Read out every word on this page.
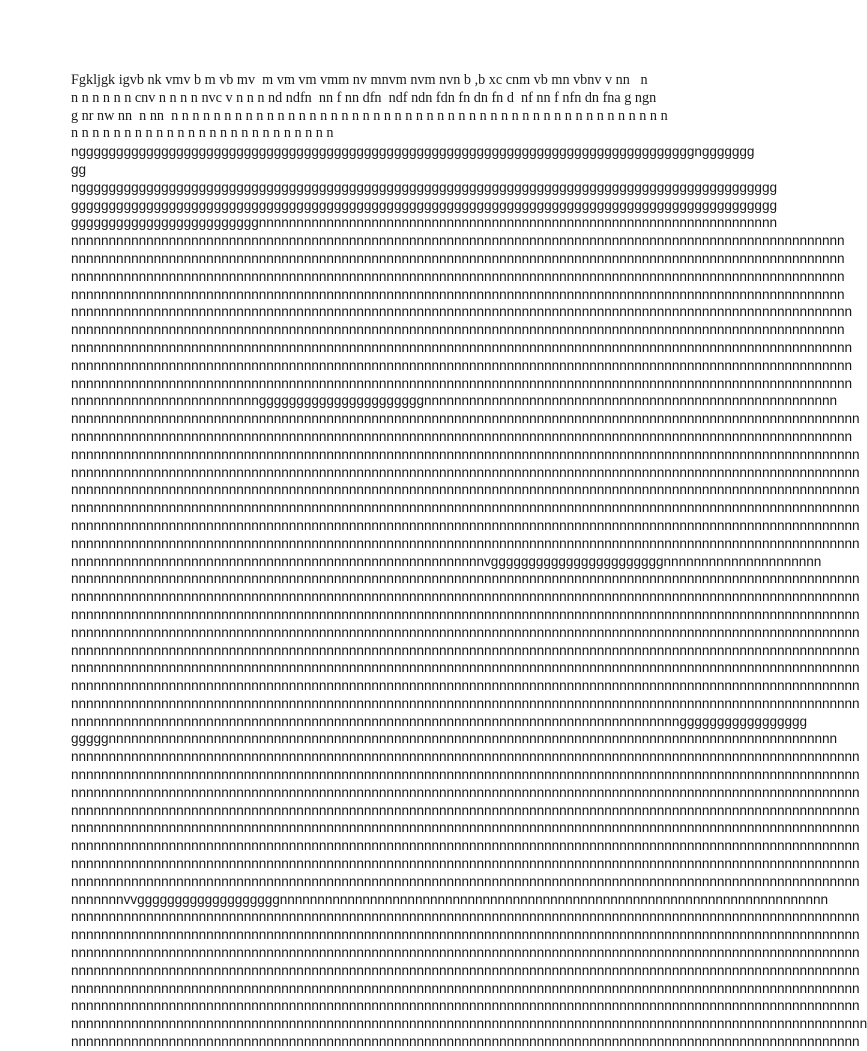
Fgkljgk igvb nk vmv b m vb mv  m vm vm vmm nv mnvm nvm nvn b ,b xc cnm vb mn vbnv v nn   n
n n n n n n cnv n n n n nvc v n n n nd ndfn  nn f nn dfn  ndf ndn fdn fn dn fn d  nf nn f nfn dn fna g ngn
g nr nw nn  n nn  n n n n n n n n n n n n n n n n n n n n n n n n n n n n n n n n n n n n n n n n n n n n n n n
n n n n n n n n n n n n n n n n n n n n n n n n n
nggggggggggggggggggggggggggggggggggggggggggggggggggggggggggggggggggggggggggggggggggnggggggg
gg
nggggggggggggggggggggggggggggggggggggggggggggggggggggggggggggggggggggggggggggggggggggggggggggg
gggggggggggggggggggggggggggggggggggggggggggggggggggggggggggggggggggggggggggggggggggggggggggggg
gggggggggggggggggggggggggnnnnnnnnnnnnnnnnnnnnnnnnnnnnnnnnnnnnnnnnnnnnnnnnnnnnnnnnnnnnnnnnnnnnn
nnnnnnnnnnnnnnnnnnnnnnnnnnnnnnnnnnnnnnnnnnnnnnnnnnnnnnnnnnnnnnnnnnnnnnnnnnnnnnnnnnnnnnnnnnnnnnnnnnnnnnn
nnnnnnnnnnnnnnnnnnnnnnnnnnnnnnnnnnnnnnnnnnnnnnnnnnnnnnnnnnnnnnnnnnnnnnnnnnnnnnnnnnnnnnnnnnnnnnnnnnnnnnn
nnnnnnnnnnnnnnnnnnnnnnnnnnnnnnnnnnnnnnnnnnnnnnnnnnnnnnnnnnnnnnnnnnnnnnnnnnnnnnnnnnnnnnnnnnnnnnnnnnnnnnn
nnnnnnnnnnnnnnnnnnnnnnnnnnnnnnnnnnnnnnnnnnnnnnnnnnnnnnnnnnnnnnnnnnnnnnnnnnnnnnnnnnnnnnnnnnnnnnnnnnnnnnn
nnnnnnnnnnnnnnnnnnnnnnnnnnnnnnnnnnnnnnnnnnnnnnnnnnnnnnnnnnnnnnnnnnnnnnnnnnnnnnnnnnnnnnnnnnnnnnnnnnnnnnnn
nnnnnnnnnnnnnnnnnnnnnnnnnnnnnnnnnnnnnnnnnnnnnnnnnnnnnnnnnnnnnnnnnnnnnnnnnnnnnnnnnnnnnnnnnnnnnnnnnnnnnnn
nnnnnnnnnnnnnnnnnnnnnnnnnnnnnnnnnnnnnnnnnnnnnnnnnnnnnnnnnnnnnnnnnnnnnnnnnnnnnnnnnnnnnnnnnnnnnnnnnnnnnnnn
nnnnnnnnnnnnnnnnnnnnnnnnnnnnnnnnnnnnnnnnnnnnnnnnnnnnnnnnnnnnnnnnnnnnnnnnnnnnnnnnnnnnnnnnnnnnnnnnnnnnnnnn
nnnnnnnnnnnnnnnnnnnnnnnnnnnnnnnnnnnnnnnnnnnnnnnnnnnnnnnnnnnnnnnnnnnnnnnnnnnnnnnnnnnnnnnnnnnnnnnnnnnnnnnn
nnnnnnnnnnnnnnnnnnnnnnnnnggggggggggggggggggggggnnnnnnnnnnnnnnnnnnnnnnnnnnnnnnnnnnnnnnnnnnnnnnnnnnnnnnn
nnnnnnnnnnnnnnnnnnnnnnnnnnnnnnnnnnnnnnnnnnnnnnnnnnnnnnnnnnnnnnnnnnnnnnnnnnnnnnnnnnnnnnnnnnnnnnnnnnnnnnnnn
nnnnnnnnnnnnnnnnnnnnnnnnnnnnnnnnnnnnnnnnnnnnnnnnnnnnnnnnnnnnnnnnnnnnnnnnnnnnnnnnnnnnnnnnnnnnnnnnnnnnnnnn
nnnnnnnnnnnnnnnnnnnnnnnnnnnnnnnnnnnnnnnnnnnnnnnnnnnnnnnnnnnnnnnnnnnnnnnnnnnnnnnnnnnnnnnnnnnnnnnnnnnnnnnnn
nnnnnnnnnnnnnnnnnnnnnnnnnnnnnnnnnnnnnnnnnnnnnnnnnnnnnnnnnnnnnnnnnnnnnnnnnnnnnnnnnnnnnnnnnnnnnnnnnnnnnnnnn
nnnnnnnnnnnnnnnnnnnnnnnnnnnnnnnnnnnnnnnnnnnnnnnnnnnnnnnnnnnnnnnnnnnnnnnnnnnnnnnnnnnnnnnnnnnnnnnnnnnnnnnnn
nnnnnnnnnnnnnnnnnnnnnnnnnnnnnnnnnnnnnnnnnnnnnnnnnnnnnnnnnnnnnnnnnnnnnnnnnnnnnnnnnnnnnnnnnnnnnnnnnnnnnnnnn
nnnnnnnnnnnnnnnnnnnnnnnnnnnnnnnnnnnnnnnnnnnnnnnnnnnnnnnnnnnnnnnnnnnnnnnnnnnnnnnnnnnnnnnnnnnnnnnnnnnnnnnnn
nnnnnnnnnnnnnnnnnnnnnnnnnnnnnnnnnnnnnnnnnnnnnnnnnnnnnnnnnnnnnnnnnnnnnnnnnnnnnnnnnnnnnnnnnnnnnnnnnnnnnnnnn
nnnnnnnnnnnnnnnnnnnnnnnnnnnnnnnnnnnnnnnnnnnnnnnnnnnnnnnvgggggggggggggggggggggggnnnnnnnnnnnnnnnnnnnnn
nnnnnnnnnnnnnnnnnnnnnnnnnnnnnnnnnnnnnnnnnnnnnnnnnnnnnnnnnnnnnnnnnnnnnnnnnnnnnnnnnnnnnnnnnnnnnnnnnnnnnnnnn
nnnnnnnnnnnnnnnnnnnnnnnnnnnnnnnnnnnnnnnnnnnnnnnnnnnnnnnnnnnnnnnnnnnnnnnnnnnnnnnnnnnnnnnnnnnnnnnnnnnnnnnnn
nnnnnnnnnnnnnnnnnnnnnnnnnnnnnnnnnnnnnnnnnnnnnnnnnnnnnnnnnnnnnnnnnnnnnnnnnnnnnnnnnnnnnnnnnnnnnnnnnnnnnnnnn
nnnnnnnnnnnnnnnnnnnnnnnnnnnnnnnnnnnnnnnnnnnnnnnnnnnnnnnnnnnnnnnnnnnnnnnnnnnnnnnnnnnnnnnnnnnnnnnnnnnnnnnnn
nnnnnnnnnnnnnnnnnnnnnnnnnnnnnnnnnnnnnnnnnnnnnnnnnnnnnnnnnnnnnnnnnnnnnnnnnnnnnnnnnnnnnnnnnnnnnnnnnnnnnnnnn
nnnnnnnnnnnnnnnnnnnnnnnnnnnnnnnnnnnnnnnnnnnnnnnnnnnnnnnnnnnnnnnnnnnnnnnnnnnnnnnnnnnnnnnnnnnnnnnnnnnnnnnnn
nnnnnnnnnnnnnnnnnnnnnnnnnnnnnnnnnnnnnnnnnnnnnnnnnnnnnnnnnnnnnnnnnnnnnnnnnnnnnnnnnnnnnnnnnnnnnnnnnnnnnnnnn
nnnnnnnnnnnnnnnnnnnnnnnnnnnnnnnnnnnnnnnnnnnnnnnnnnnnnnnnnnnnnnnnnnnnnnnnnnnnnnnnnnnnnnnnnnnnnnnnnnnnnnnnn
nnnnnnnnnnnnnnnnnnnnnnnnnnnnnnnnnnnnnnnnnnnnnnnnnnnnnnnnnnnnnnnnnnnnnnnnnnnnnnnnnggggggggggggggggg
gggggnnnnnnnnnnnnnnnnnnnnnnnnnnnnnnnnnnnnnnnnnnnnnnnnnnnnnnnnnnnnnnnnnnnnnnnnnnnnnnnnnnnnnnnnnnnnnnnnn
nnnnnnnnnnnnnnnnnnnnnnnnnnnnnnnnnnnnnnnnnnnnnnnnnnnnnnnnnnnnnnnnnnnnnnnnnnnnnnnnnnnnnnnnnnnnnnnnnnnnnnnnn
nnnnnnnnnnnnnnnnnnnnnnnnnnnnnnnnnnnnnnnnnnnnnnnnnnnnnnnnnnnnnnnnnnnnnnnnnnnnnnnnnnnnnnnnnnnnnnnnnnnnnnnnn
nnnnnnnnnnnnnnnnnnnnnnnnnnnnnnnnnnnnnnnnnnnnnnnnnnnnnnnnnnnnnnnnnnnnnnnnnnnnnnnnnnnnnnnnnnnnnnnnnnnnnnnnn
nnnnnnnnnnnnnnnnnnnnnnnnnnnnnnnnnnnnnnnnnnnnnnnnnnnnnnnnnnnnnnnnnnnnnnnnnnnnnnnnnnnnnnnnnnnnnnnnnnnnnnnnn
nnnnnnnnnnnnnnnnnnnnnnnnnnnnnnnnnnnnnnnnnnnnnnnnnnnnnnnnnnnnnnnnnnnnnnnnnnnnnnnnnnnnnnnnnnnnnnnnnnnnnnnnn
nnnnnnnnnnnnnnnnnnnnnnnnnnnnnnnnnnnnnnnnnnnnnnnnnnnnnnnnnnnnnnnnnnnnnnnnnnnnnnnnnnnnnnnnnnnnnnnnnnnnnnnnn
nnnnnnnnnnnnnnnnnnnnnnnnnnnnnnnnnnnnnnnnnnnnnnnnnnnnnnnnnnnnnnnnnnnnnnnnnnnnnnnnnnnnnnnnnnnnnnnnnnnnnnnnn
nnnnnnnnnnnnnnnnnnnnnnnnnnnnnnnnnnnnnnnnnnnnnnnnnnnnnnnnnnnnnnnnnnnnnnnnnnnnnnnnnnnnnnnnnnnnnnnnnnnnnnnnn
nnnnnnnvvgggggggggggggggggggnnnnnnnnnnnnnnnnnnnnnnnnnnnnnnnnnnnnnnnnnnnnnnnnnnnnnnnnnnnnnnnnnnnnnnnnn
nnnnnnnnnnnnnnnnnnnnnnnnnnnnnnnnnnnnnnnnnnnnnnnnnnnnnnnnnnnnnnnnnnnnnnnnnnnnnnnnnnnnnnnnnnnnnnnnnnnnnnnnn
nnnnnnnnnnnnnnnnnnnnnnnnnnnnnnnnnnnnnnnnnnnnnnnnnnnnnnnnnnnnnnnnnnnnnnnnnnnnnnnnnnnnnnnnnnnnnnnnnnnnnnnnn
nnnnnnnnnnnnnnnnnnnnnnnnnnnnnnnnnnnnnnnnnnnnnnnnnnnnnnnnnnnnnnnnnnnnnnnnnnnnnnnnnnnnnnnnnnnnnnnnnnnnnnnnn
nnnnnnnnnnnnnnnnnnnnnnnnnnnnnnnnnnnnnnnnnnnnnnnnnnnnnnnnnnnnnnnnnnnnnnnnnnnnnnnnnnnnnnnnnnnnnnnnnnnnnnnnn
nnnnnnnnnnnnnnnnnnnnnnnnnnnnnnnnnnnnnnnnnnnnnnnnnnnnnnnnnnnnnnnnnnnnnnnnnnnnnnnnnnnnnnnnnnnnnnnnnnnnnnnnn
nnnnnnnnnnnnnnnnnnnnnnnnnnnnnnnnnnnnnnnnnnnnnnnnnnnnnnnnnnnnnnnnnnnnnnnnnnnnnnnnnnnnnnnnnnnnnnnnnnnnnnnnn
nnnnnnnnnnnnnnnnnnnnnnnnnnnnnnnnnnnnnnnnnnnnnnnnnnnnnnnnnnnnnnnnnnnnnnnnnnnnnnnnnnnnnnnnnnnnnnnnnnnnnnnnnn
nnnnnnnnnnnnnnnnnnnnnnnnnnnnnnnnnnnnnnnnnnnnnnnnnnnnnnnnnnnnnnnnnnnnnnnnnnnnnnnnnnnnnnnnnnnnnnnnnnnnnnnnn
